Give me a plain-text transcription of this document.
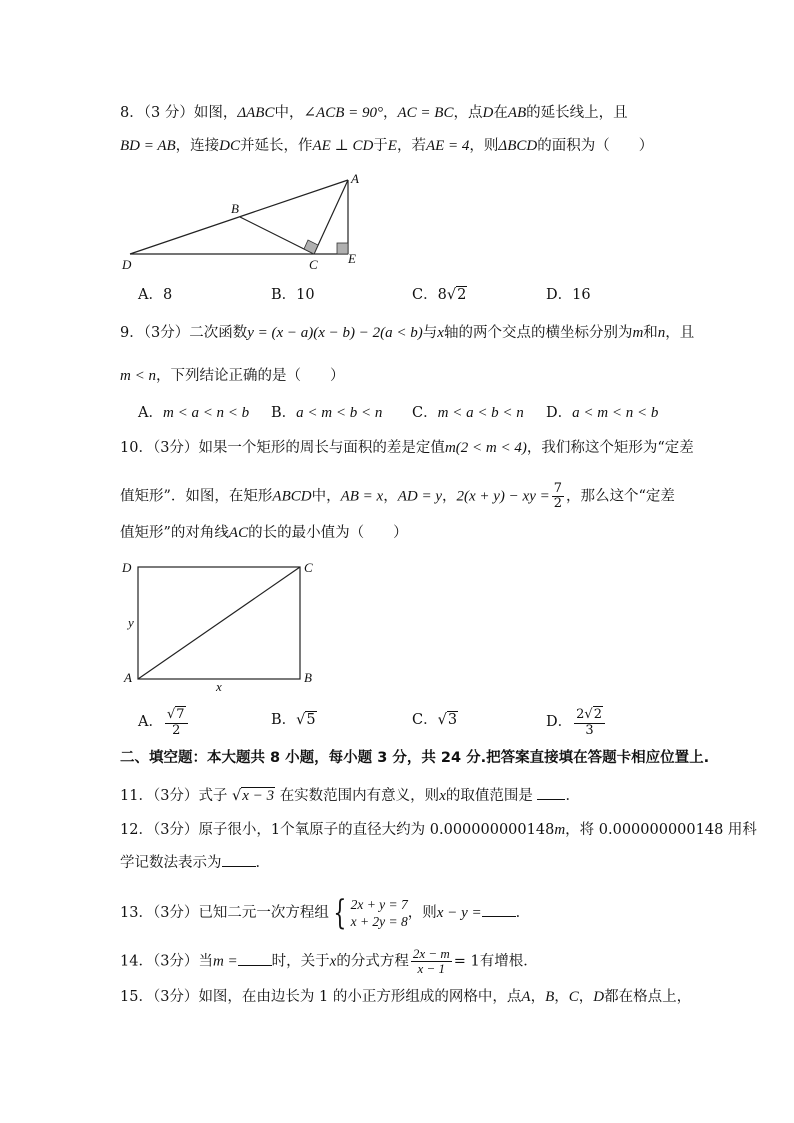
8．（3 分）如图，ΔABC中，∠ACB = 90°，AC = BC，点D在AB的延长线上，且
BD = AB，连接DC并延长，作AE ⊥ CD于E，若AE = 4，则ΔBCD的面积为（　　）
A
B
C
D	E
A．8	B．10	C．8√2	D．16
9．（3分）二次函数y = (x − a)(x − b) − 2(a < b)与x轴的两个交点的横坐标分别为m和n，且
m < n，下列结论正确的是（　　）
A．m < a < n < b B．a < m < b < n C．m < a < b < n D．a < m < n < b
10．（3分）如果一个矩形的周长与面积的差是定值m(2 < m < 4)，我们称这个矩形为“定差
值矩形”．如图，在矩形ABCD中，AB = x，AD = y，2(x + y) − xy = $\frac{7}{2}$ ，那么这个“定差
值矩形”的对角线AC的长的最小值为（　　）
D	C
A	B
x
y
A． $\frac{√7}{2}$	B．√5	C．√3	D． $\frac{2√2}{3}$
二、填空题：本大题共 8 小题，每小题 3 分，共 24 分.把答案直接填在答题卡相应位置上.
11．（3分）式子 √x − 3 在实数范围内有意义，则x的取值范围是 ．
12．（3分）原子很小，1个氧原子的直径大约为 0.000000000148m，将 0.000000000148 用科
学记数法表示为 ．
13．（3分）已知二元一次方程组 { 2x + y = 7
x + 2y = 8
，则x − y = ．
14．（3分）当m = 时，关于x的分式方程 $\frac{2x - m}{x - 1} = 1$有增根．
15．（3分）如图，在由边长为 1 的小正方形组成的网格中，点A，B，C，D都在格点上，
